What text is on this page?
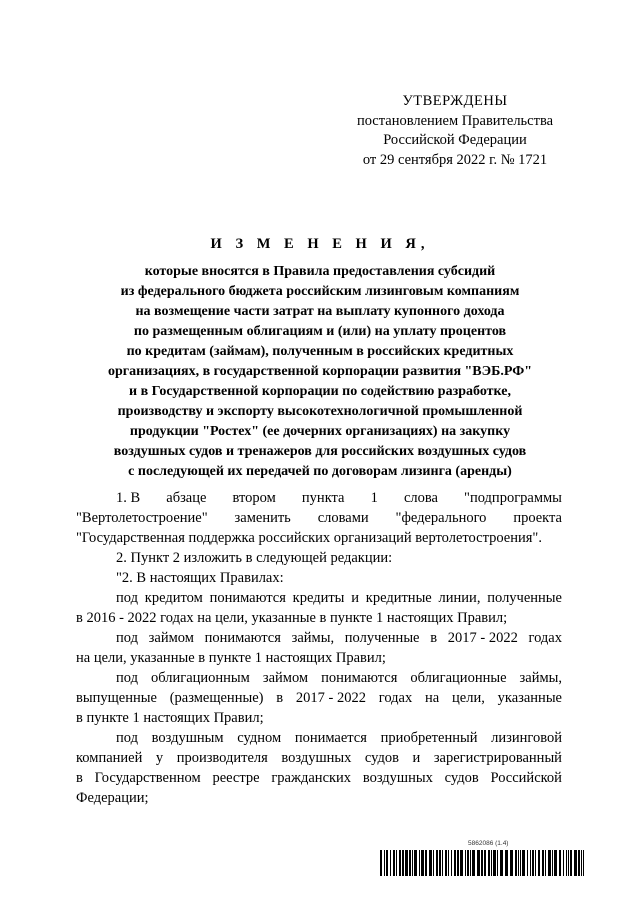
УТВЕРЖДЕНЫ
постановлением Правительства
Российской Федерации
от 29 сентября 2022 г. № 1721
И З М Е Н Е Н И Я,
которые вносятся в Правила предоставления субсидий
из федерального бюджета российским лизинговым компаниям
на возмещение части затрат на выплату купонного дохода
по размещенным облигациям и (или) на уплату процентов
по кредитам (займам), полученным в российских кредитных
организациях, в государственной корпорации развития "ВЭБ.РФ"
и в Государственной корпорации по содействию разработке,
производству и экспорту высокотехнологичной промышленной
продукции "Ростех" (ее дочерних организациях) на закупку
воздушных судов и тренажеров для российских воздушных судов
с последующей их передачей по договорам лизинга (аренды)
1. В абзаце втором пункта 1 слова "подпрограммы
"Вертолетостроение" заменить словами "федерального проекта
"Государственная поддержка российских организаций вертолетостроения".
2. Пункт 2 изложить в следующей редакции:
"2. В настоящих Правилах:
под кредитом понимаются кредиты и кредитные линии, полученные
в 2016 - 2022 годах на цели, указанные в пункте 1 настоящих Правил;
под займом понимаются займы, полученные в 2017 - 2022 годах
на цели, указанные в пункте 1 настоящих Правил;
под облигационным займом понимаются облигационные займы,
выпущенные (размещенные) в 2017 - 2022 годах на цели, указанные
в пункте 1 настоящих Правил;
под воздушным судном понимается приобретенный лизинговой
компанией у производителя воздушных судов и зарегистрированный
в Государственном реестре гражданских воздушных судов Российской
Федерации;
5862086 (1.4)
